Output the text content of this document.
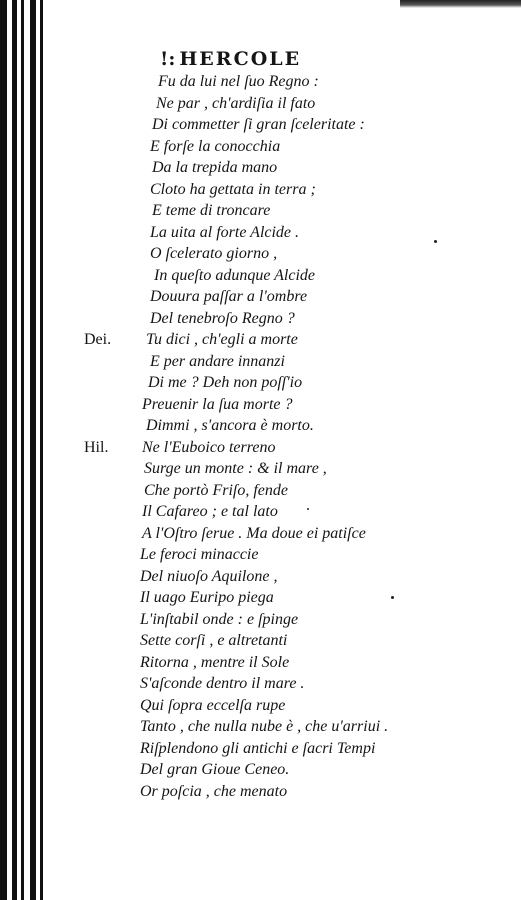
!: HERCOLE
Fu da lui nel ſuo Regno :
Ne par , ch'ardiſia il fato
Di commetter ſi gran ſceleritate :
E forſe la conocchia
Da la trepida mano
Cloto ha gettata in terra ;
E teme di troncare
La uita al forte Alcide .
O ſcelerato giorno ,
In queſto adunque Alcide
Douura paſſar a l'ombre
Del tenebroſo Regno ?
Dei. Tu dici , ch'egli a morte
E per andare innanzi
Di me ? Deh non poſſ'io
Preuenir la ſua morte ?
Dimmi , s'ancora è morto.
Hil. Ne l'Euboico terreno
Surge un monte : & il mare ,
Che portò Friſo, fende
Il Cafareo ; e tal lato
A l'Oſtro ſerue . Ma doue ei patiſce
Le feroci minaccie
Del niuoſo Aquilone ,
Il uago Euripo piega
L'inſtabil onde : e ſpinge
Sette corſi , e altretanti
Ritorna , mentre il Sole
S'aſconde dentro il mare .
Qui ſopra eccelſa rupe
Tanto , che nulla nube è , che u'arriui .
Riſplendono gli antichi e ſacri Tempi
Del gran Gioue Ceneo.
Or poſcia , che menato
